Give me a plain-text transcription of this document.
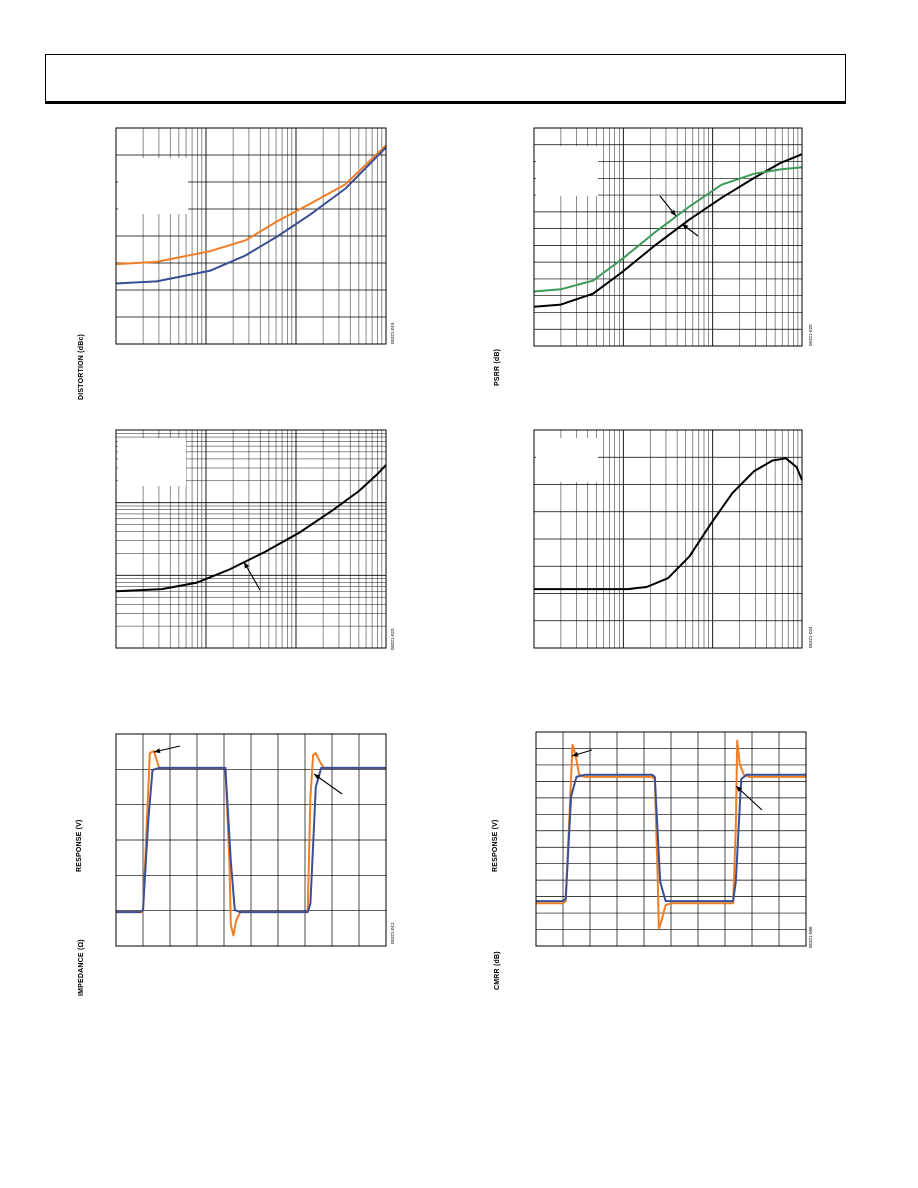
DISTORTION (dBc)
05321-019
PSRR (dB)
05321-020
IMPEDANCE (Ω)
05321-023
CMRR (dB)
05321-024
RESPONSE (V)
05321-012
RESPONSE (V)
05321-066
